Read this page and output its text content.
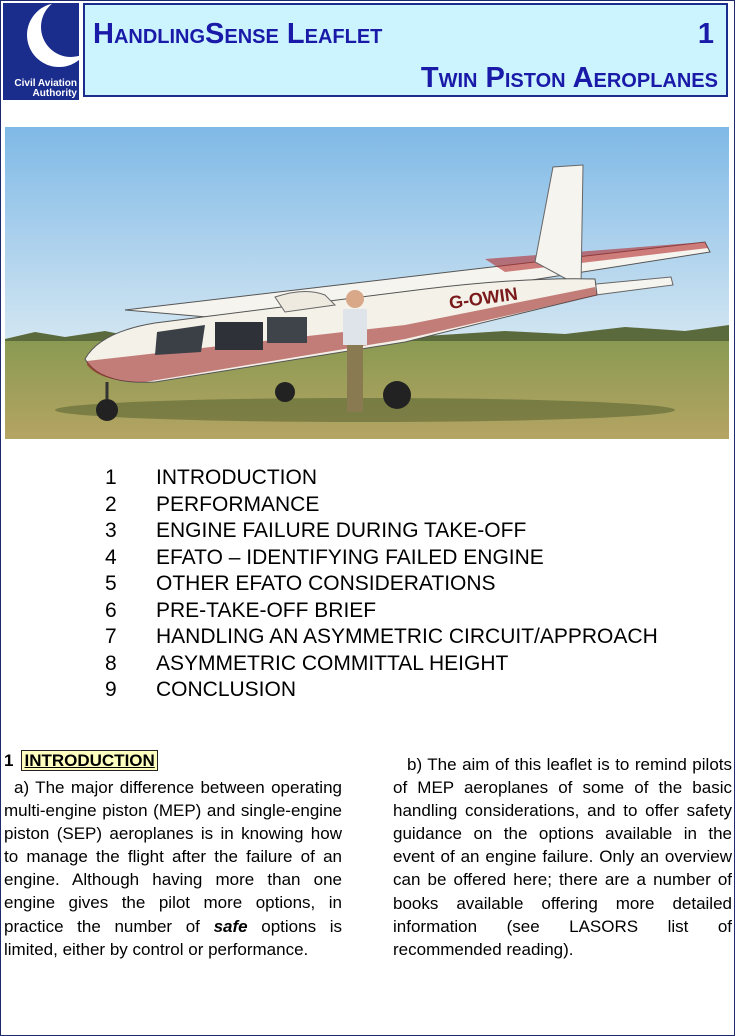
Civil Aviation
Authority
HandlingSense Leaflet	1
Twin Piston Aeroplanes
G-OWIN
1	INTRODUCTION
2	PERFORMANCE
3	ENGINE FAILURE DURING TAKE-OFF
4	EFATO – IDENTIFYING FAILED ENGINE
5	OTHER EFATO CONSIDERATIONS
6	PRE-TAKE-OFF BRIEF
7	HANDLING AN ASYMMETRIC CIRCUIT/APPROACH
8	ASYMMETRIC COMMITTAL HEIGHT
9	CONCLUSION
1 INTRODUCTION

a) The major difference between operating multi-engine piston (MEP) and single-engine piston (SEP) aeroplanes is in knowing how to manage the flight after the failure of an engine. Although having more than one engine gives the pilot more options, in practice the number of safe options is limited, either by control or performance.

b) The aim of this leaflet is to remind pilots of MEP aeroplanes of some of the basic handling considerations, and to offer safety guidance on the options available in the event of an engine failure. Only an overview can be offered here; there are a number of books available offering more detailed information (see LASORS list of recommended reading).
